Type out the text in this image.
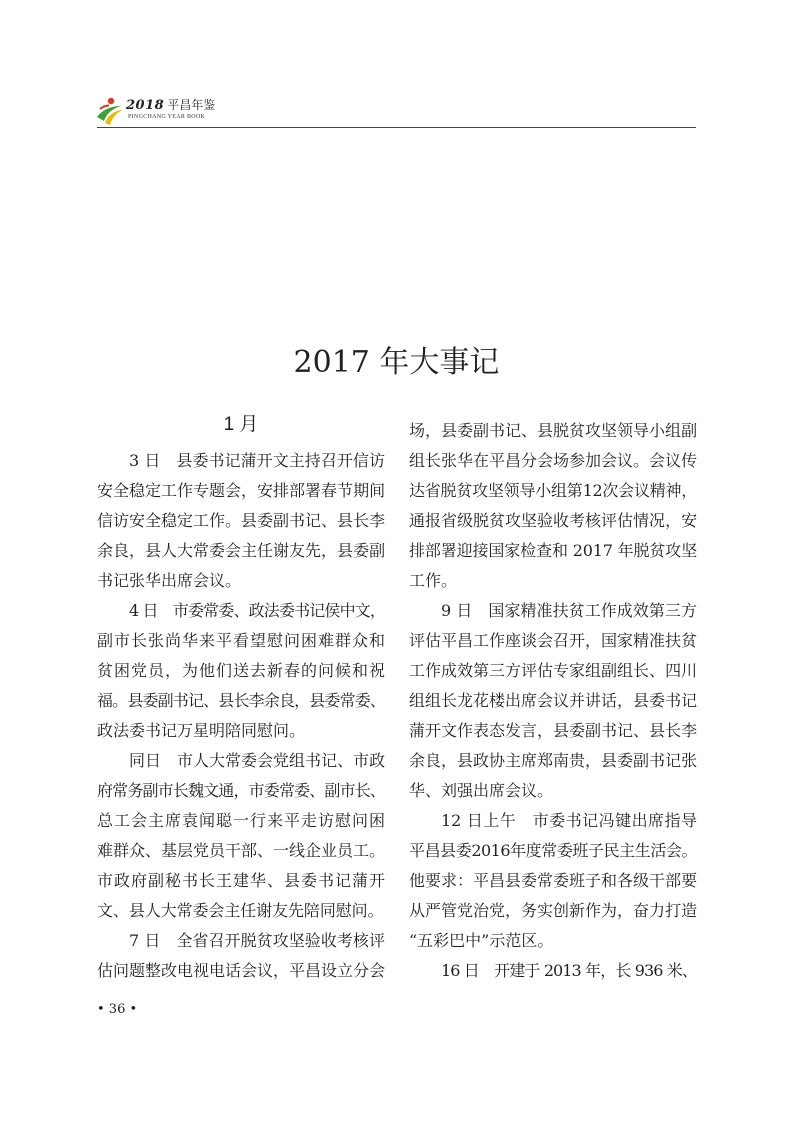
2018 平昌年鉴
PINGCHANG YEAR BOOK
2017 年大事记
1 月
3 日　县委书记蒲开文主持召开信访
安全稳定工作专题会，安排部署春节期间
信访安全稳定工作。县委副书记、县长李
余良，县人大常委会主任谢友先，县委副
书记张华出席会议。
4 日　市委常委、政法委书记侯中文，
副市长张尚华来平看望慰问困难群众和
贫困党员，为他们送去新春的问候和祝
福。县委副书记、县长李余良，县委常委、
政法委书记万星明陪同慰问。
同日　市人大常委会党组书记、市政
府常务副市长魏文通，市委常委、副市长、
总工会主席袁闻聪一行来平走访慰问困
难群众、基层党员干部、一线企业员工。
市政府副秘书长王建华、县委书记蒲开
文、县人大常委会主任谢友先陪同慰问。
7 日　全省召开脱贫攻坚验收考核评
估问题整改电视电话会议，平昌设立分会
场，县委副书记、县脱贫攻坚领导小组副
组长张华在平昌分会场参加会议。会议传
达省脱贫攻坚领导小组第12次会议精神，
通报省级脱贫攻坚验收考核评估情况，安
排部署迎接国家检查和 2017 年脱贫攻坚
工作。
9 日　国家精准扶贫工作成效第三方
评估平昌工作座谈会召开，国家精准扶贫
工作成效第三方评估专家组副组长、四川
组组长龙花楼出席会议并讲话，县委书记
蒲开文作表态发言，县委副书记、县长李
余良，县政协主席郑南贵，县委副书记张
华、刘强出席会议。
12 日上午　市委书记冯键出席指导
平昌县委2016年度常委班子民主生活会。
他要求：平昌县委常委班子和各级干部要
从严管党治党，务实创新作为，奋力打造
“五彩巴中”示范区。
16 日　开建于 2013 年，长 936 米、
• 36 •
